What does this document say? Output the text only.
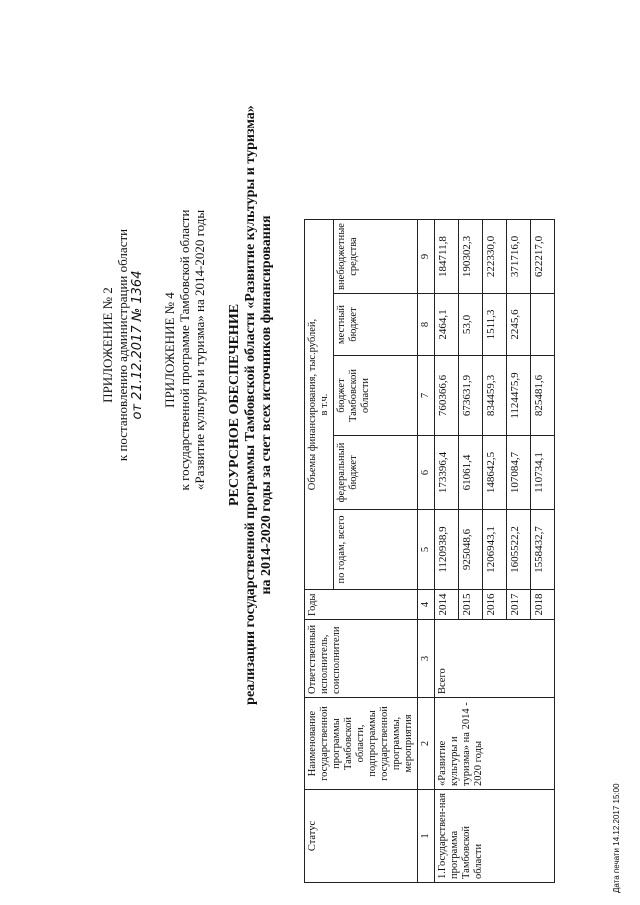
ПРИЛОЖЕНИЕ № 2 к постановлению администрации области от 21.12.2017 № 1364 ПРИЛОЖЕНИЕ № 4 к государственной программе Тамбовской области «Развитие культуры и туризма» на 2014-2020 годы РЕСУРСНОЕ ОБЕСПЕЧЕНИЕ реализации государственной программы Тамбовской области «Развитие культуры и туризма» на 2014-2020 годы за счет всех источников финансирования
Статус	Наименование государственной программы Тамбовской области, подпрограммы государственной программы, мероприятия	Ответственный исполнитель, соисполнители	Годы	Объемы финансирования, тыс.рублей, в т.ч.				

				по годам, всего	федеральный бюджет	бюджет Тамбовской области	местный бюджет	внебюджетные средства
1	2	3	4	5	6	7	8	9
1.Государствен-ная программа Тамбовской области	«Развитие культуры и туризма» на 2014 - 2020 годы	Всего	2014	1120938,9	173396,4	760366,6	2464,1	184711,8
			2015	925048,6	61061,4	673631,9	53,0	190302,3
			2016	1206943,1	148642,5	834459,3	1511,3	222330,0
			2017	1605522,2	107084,7	1124475,9	2245,6	371716,0
			2018	1558432,7	110734,1	825481,6		622217,0
Дата печати 14.12.2017 15:00
